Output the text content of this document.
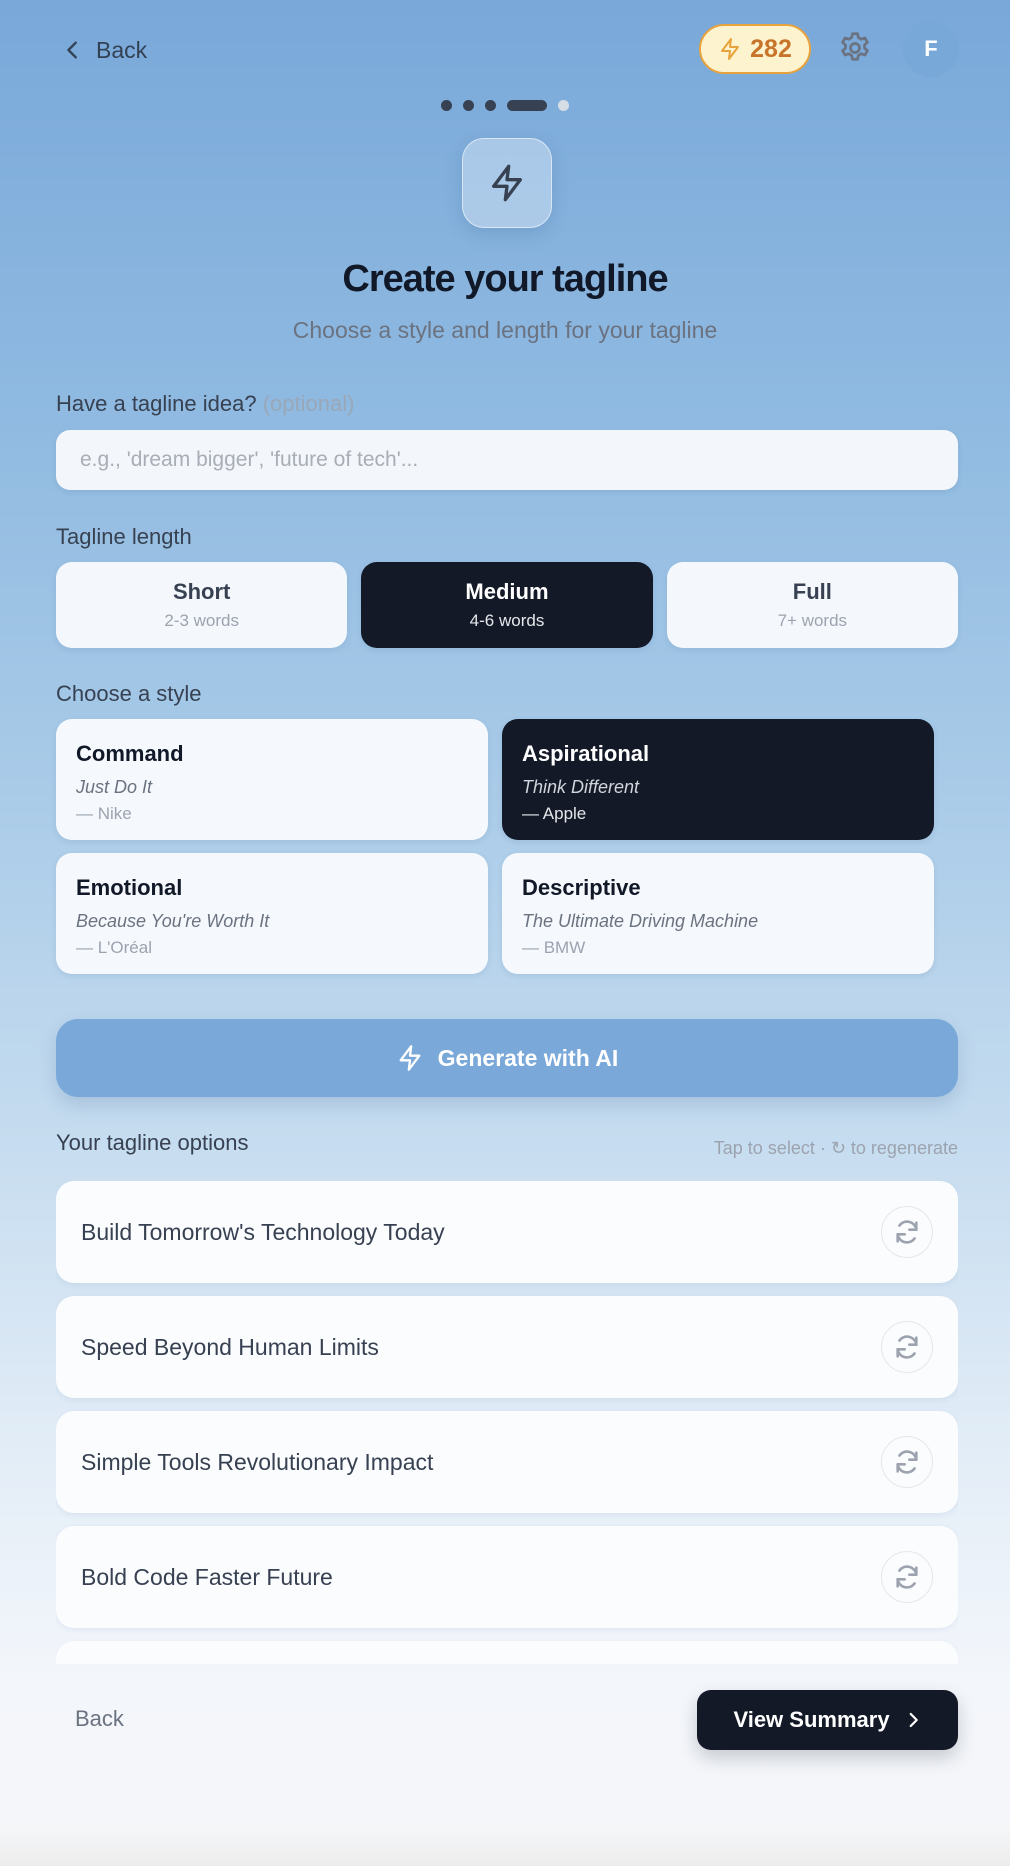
Back	282	F
Create your tagline
Choose a style and length for your tagline
Have a tagline idea? (optional)
e.g., 'dream bigger', 'future of tech'...
Tagline length
Short
2-3 words
Medium
4-6 words
Full
7+ words
Choose a style
Command
Just Do It
— Nike
Aspirational
Think Different
— Apple
Emotional
Because You're Worth It
— L'Oréal
Descriptive
The Ultimate Driving Machine
— BMW
Generate with AI
Your tagline options	Tap to select · ↻ to regenerate
Build Tomorrow's Technology Today
Speed Beyond Human Limits
Simple Tools Revolutionary Impact
Bold Code Faster Future
Back	View Summary
